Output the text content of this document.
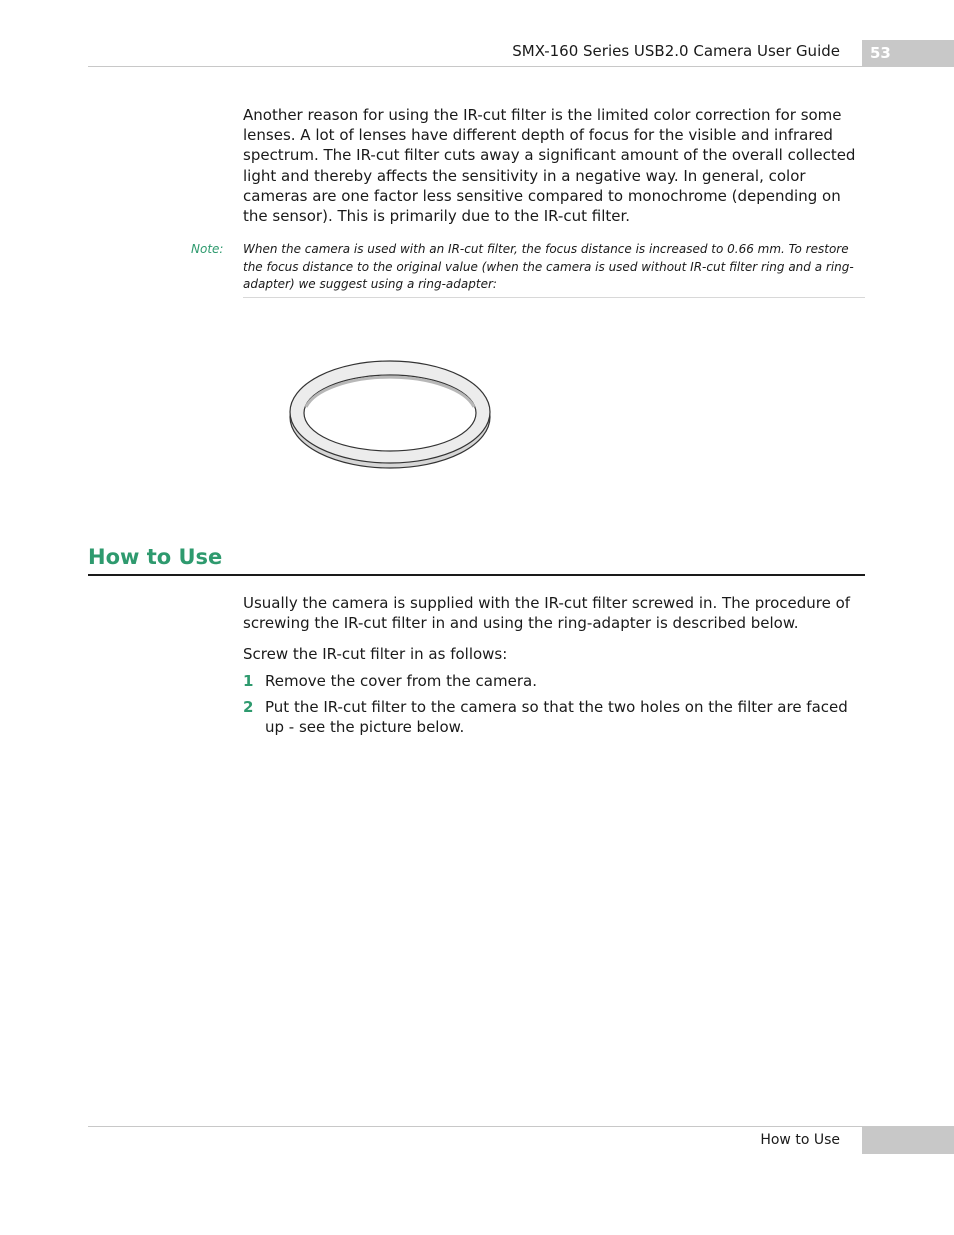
SMX-160 Series USB2.0 Camera User Guide 53
Another reason for using the IR-cut filter is the limited color correction for some lenses. A lot of lenses have different depth of focus for the visible and infrared spectrum. The IR-cut filter cuts away a significant amount of the overall collected light and thereby affects the sensitivity in a negative way. In general, color cameras are one factor less sensitive compared to monochrome (depending on the sensor). This is primarily due to the IR-cut filter.
Note: When the camera is used with an IR-cut filter, the focus distance is increased to 0.66 mm. To restore the focus distance to the original value (when the camera is used without IR-cut filter ring and a ring-adapter) we suggest using a ring-adapter:
How to Use
Usually the camera is supplied with the IR-cut filter screwed in. The procedure of screwing the IR-cut filter in and using the ring-adapter is described below.
Screw the IR-cut filter in as follows:
1 Remove the cover from the camera.
2 Put the IR-cut filter to the camera so that the two holes on the filter are faced up - see the picture below.
How to Use
